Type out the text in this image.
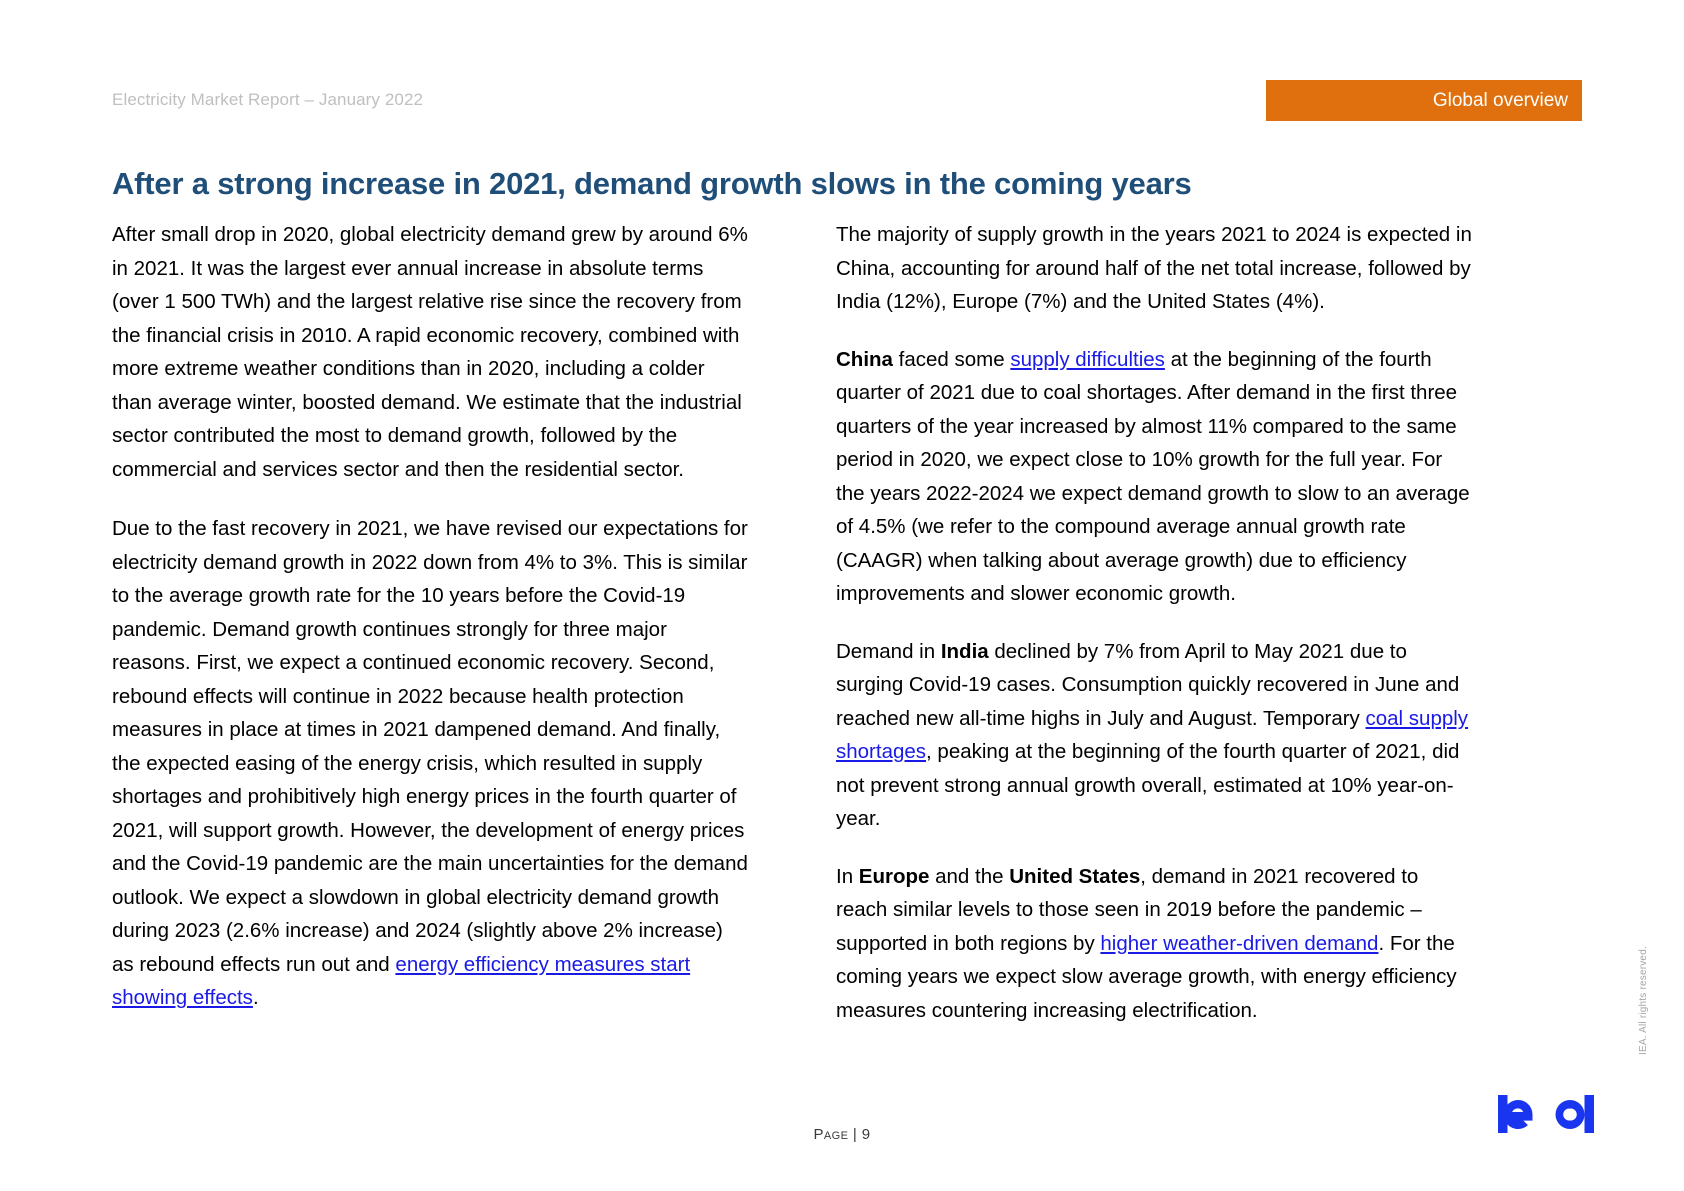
Electricity Market Report – January 2022	Global overview
After a strong increase in 2021, demand growth slows in the coming years

After small drop in 2020, global electricity demand grew by around 6% in 2021. It was the largest ever annual increase in absolute terms (over 1 500 TWh) and the largest relative rise since the recovery from the financial crisis in 2010. A rapid economic recovery, combined with more extreme weather conditions than in 2020, including a colder than average winter, boosted demand. We estimate that the industrial sector contributed the most to demand growth, followed by the commercial and services sector and then the residential sector.

Due to the fast recovery in 2021, we have revised our expectations for electricity demand growth in 2022 down from 4% to 3%. This is similar to the average growth rate for the 10 years before the Covid-19 pandemic. Demand growth continues strongly for three major reasons. First, we expect a continued economic recovery. Second, rebound effects will continue in 2022 because health protection measures in place at times in 2021 dampened demand. And finally, the expected easing of the energy crisis, which resulted in supply shortages and prohibitively high energy prices in the fourth quarter of 2021, will support growth. However, the development of energy prices and the Covid-19 pandemic are the main uncertainties for the demand outlook. We expect a slowdown in global electricity demand growth during 2023 (2.6% increase) and 2024 (slightly above 2% increase) as rebound effects run out and energy efficiency measures start showing effects.

The majority of supply growth in the years 2021 to 2024 is expected in China, accounting for around half of the net total increase, followed by India (12%), Europe (7%) and the United States (4%).

China faced some supply difficulties at the beginning of the fourth quarter of 2021 due to coal shortages. After demand in the first three quarters of the year increased by almost 11% compared to the same period in 2020, we expect close to 10% growth for the full year. For the years 2022-2024 we expect demand growth to slow to an average of 4.5% (we refer to the compound average annual growth rate (CAAGR) when talking about average growth) due to efficiency improvements and slower economic growth.

Demand in India declined by 7% from April to May 2021 due to surging Covid-19 cases. Consumption quickly recovered in June and reached new all-time highs in July and August. Temporary coal supply shortages, peaking at the beginning of the fourth quarter of 2021, did not prevent strong annual growth overall, estimated at 10% year-on-year.

In Europe and the United States, demand in 2021 recovered to reach similar levels to those seen in 2019 before the pandemic – supported in both regions by higher weather-driven demand. For the coming years we expect slow average growth, with energy efficiency measures countering increasing electrification.

Page | 9
IEA. All rights reserved.
